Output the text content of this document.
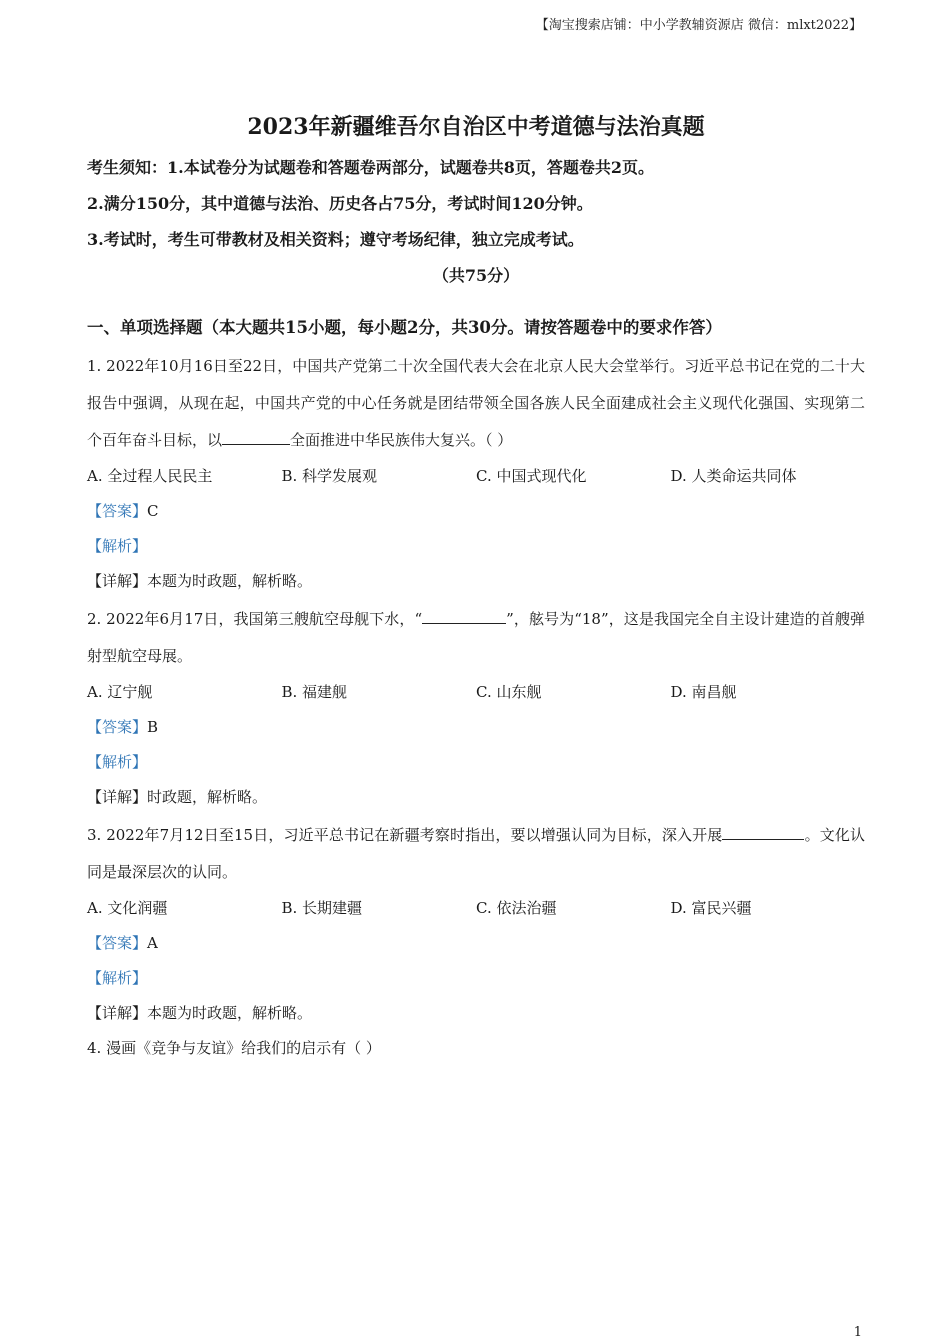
【淘宝搜索店铺：中小学教辅资源店 微信：mlxt2022】
2023年新疆维吾尔自治区中考道德与法治真题
考生须知：1.本试卷分为试题卷和答题卷两部分，试题卷共8页，答题卷共2页。
2.满分150分，其中道德与法治、历史各占75分，考试时间120分钟。
3.考试时，考生可带教材及相关资料；遵守考场纪律，独立完成考试。
（共75分）
一、单项选择题（本大题共15小题，每小题2分，共30分。请按答题卷中的要求作答）
1. 2022年10月16日至22日，中国共产党第二十次全国代表大会在北京人民大会堂举行。习近平总书记在党的二十大报告中强调，从现在起，中国共产党的中心任务就是团结带领全国各族人民全面建成社会主义现代化强国、实现第二个百年奋斗目标，以	全面推进中华民族伟大复兴。（ ）
A. 全过程人民民主	B. 科学发展观	C. 中国式现代化	D. 人类命运共同体
【答案】C
【解析】
【详解】本题为时政题，解析略。
2. 2022年6月17日，我国第三艘航空母舰下水，“	”，舷号为“18”，这是我国完全自主设计建造的首艘弹射型航空母展。
A. 辽宁舰	B. 福建舰	C. 山东舰	D. 南昌舰
【答案】B
【解析】
【详解】时政题，解析略。
3. 2022年7月12日至15日，习近平总书记在新疆考察时指出，要以增强认同为目标，深入开展	。文化认同是最深层次的认同。
A. 文化润疆	B. 长期建疆	C. 依法治疆	D. 富民兴疆
【答案】A
【解析】
【详解】本题为时政题，解析略。
4. 漫画《竞争与友谊》给我们的启示有（ ）
1
